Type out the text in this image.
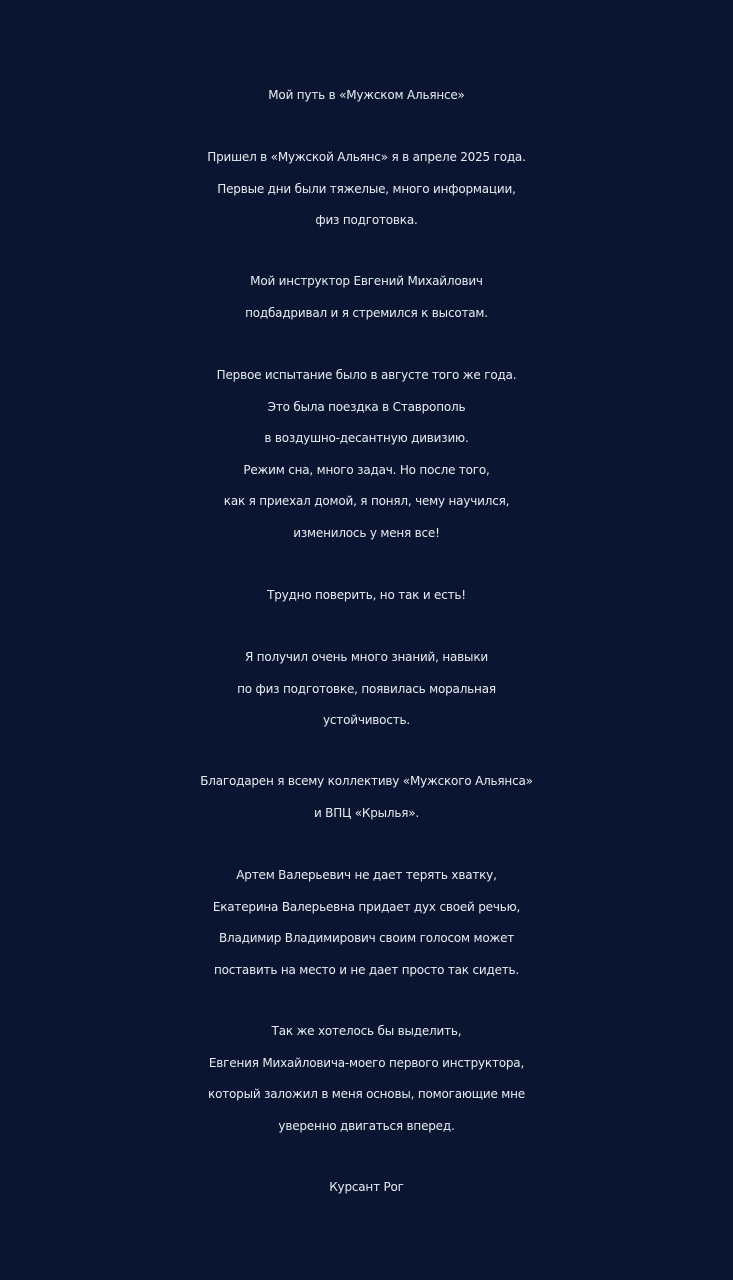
Мой путь в «Мужском Альянсе»
Пришел в «Мужской Альянс» я в апреле 2025 года.
Первые дни были тяжелые, много информации,
физ подготовка.
Мой инструктор Евгений Михайлович
подбадривал и я стремился к высотам.
Первое испытание было в августе того же года.
Это была поездка в Ставрополь
в воздушно-десантную дивизию.
Режим сна, много задач. Но после того,
как я приехал домой, я понял, чему научился,
изменилось у меня все!
Трудно поверить, но так и есть!
Я получил очень много знаний, навыки
по физ подготовке, появилась моральная
устойчивость.
Благодарен я всему коллективу «Мужского Альянса»
и ВПЦ «Крылья».
Артем Валерьевич не дает терять хватку,
Екатерина Валерьевна придает дух своей речью,
Владимир Владимирович своим голосом может
поставить на место и не дает просто так сидеть.
Так же хотелось бы выделить,
Евгения Михайловича-моего первого инструктора,
который заложил в меня основы, помогающие мне
уверенно двигаться вперед.
Курсант Рог
